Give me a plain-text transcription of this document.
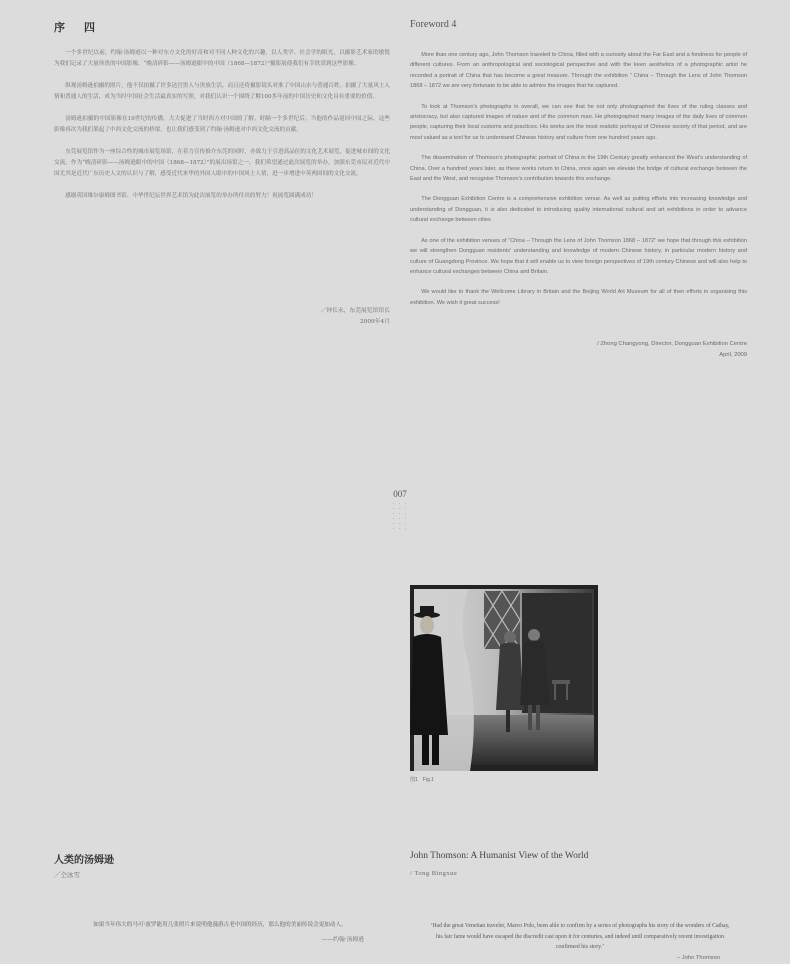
序　四

一个多世纪以前，约翰·汤姆逊以一种对东方文化的好奇和对不同人种文化的兴趣，以人类学、社会学的眼光，以摄影艺术家的敏锐为我们记录了大量珍贵的中国影像。“晚清碎影——汤姆逊眼中的中国（1868—1872）”摄影展使我们有幸欣赏到这些影像。

纵观汤姆逊拍摄的照片，他不仅拍摄了许多达官贵人与贵族生活，而且还将摄影镜头对准了中国山水与普通百姓。拍摄了大量风土人情和普通人的生活，成为当时中国社会生活最真实的写照，对我们认识一个围绕了解100多年前的中国历史和文化具有重要的价值。

汤姆逊拍摄的中国影像在19世纪的传播，大大促进了当时西方对中国的了解。时隔一个多世纪后，当他的作品返回中国之际，这些影像再次为我们架起了中西文化交流的桥梁，也让我们感受到了约翰·汤姆逊对中西文化交流的贡献。

东莞展览馆作为一座综合性的城市展览场馆，在着力宣传推介东莞的同时，亦致力于引进高品位的文化艺术展览，促进城市间的文化交流。作为“晚清碎影——汤姆逊眼中的中国（1868—1872）”的展出场馆之一，我们希望通过此次展览的举办，加强东莞市民对近代中国尤其是近代广东历史人文的认识与了解，感受近代来华的外国人眼中的中国风土人情，进一步增进中英两国间的文化交流。

感谢英国维尔康姆图书馆、中华世纪坛世界艺术馆为此次展览的举办所付出的努力！祝展览圆满成功！

／钟长永，东莞展览馆馆长
2009年4月
Foreword 4

More than one century ago, John Thomson traveled to China, filled with a curiosity about the Far East and a fondness for people of different cultures. From an anthropological and sociological perspective and with the keen aesthetics of a photographic artist he recorded a portrait of China that has become a great treasure. Through the exhibition “ China – Through the Lens of John Thomson 1868 – 1872 we are very fortunate to be able to admire the images that he captured.

To look at Thomson’s photographs in overall, we can see that he not only photographed the lives of the ruling classes and aristocracy, but also captured images of nature and of the common man. He photographed many images of the daily lives of common people, capturing their local customs and practices. His works are the most realistic portrayal of Chinese society of that period, and are most valued as a tool for us to understand Chinese history and culture from one hundred years ago.

The dissemination of Thomson’s photographic portrait of China in the 19th Century greatly enhanced the West’s understanding of China. Over a hundred years later, as these works return to China, once again we elevate the bridge of cultural exchange between the East and the West, and recognise Thomson’s contribution towards this exchange.

The Dongguan Exhibition Centre is a comprehensive exhibition venue. As well as putting efforts into increasing knowledge and understanding of Dongguan, it is also dedicated to introducing quality international cultural and art exhibitions in order to advance cultural exchange between cities

As one of the exhibition venues of “China – Through the Lens of John Thomson 1868 – 1872” we hope that through this exhibition we will strengthen Dongguan residents’ understanding and knowledge of modern Chinese history, in particular modern history and culture of Guangdong Province. We hope that it will enable us to view foreign perspectives of 19th century Chinese and will also help to enhance cultural exchanges between China and Britain.

We would like to thank the Wellcome Library in Britain and the Beijing World Art Museum for all of their efforts in organising this exhibition. We wish it great success!

/ Zhong Changyong, Director, Dongguan Exhibition Centre
April, 2009
007
· · ·
· · ·
· · ·
· · ·
· · ·
· · ·
图1　Fig.1
人类的汤姆逊
／仝冰雪

如果当年伟大的马可·波罗能用几张照片来说明他漫游古老中国的经历，那么他的美丽传说会更加动人。

——约翰·汤姆逊
John Thomson: A Humanist View of the World
/ Tong Bingxue

‘Had the great Venetian traveler, Marco Polo, been able to confirm by a series of photographs his story of the wonders of Cathay, his fair fame would have escaped the discredit cast upon it for centuries, and indeed until comparatively recent investigation confirmed his story.’

– John Thomson
